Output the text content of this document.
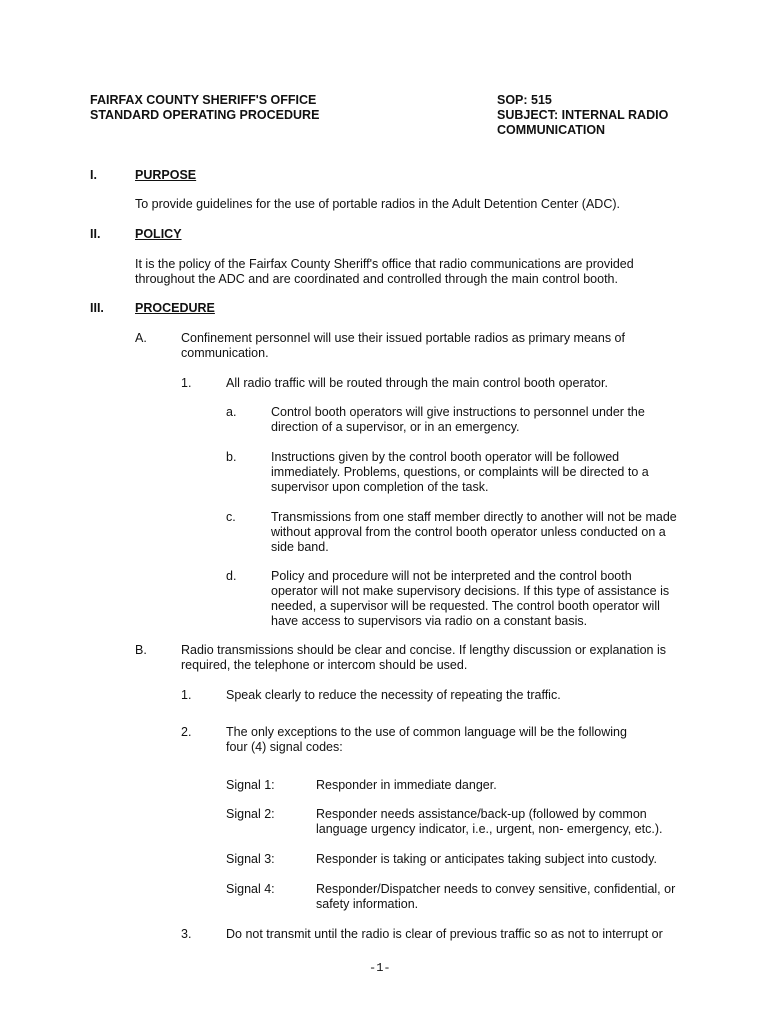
FAIRFAX COUNTY SHERIFF'S OFFICE
STANDARD OPERATING PROCEDURE
SOP: 515
SUBJECT: INTERNAL RADIO
COMMUNICATION
I.	PURPOSE
To provide guidelines for the use of portable radios in the Adult Detention Center (ADC).
II.	POLICY
It is the policy of the Fairfax County Sheriff's office that radio communications are provided throughout the ADC and are coordinated and controlled through the main control booth.
III. PROCEDURE
A.	Confinement personnel will use their issued portable radios as primary means of communication.
1.	All radio traffic will be routed through the main control booth operator.
a.	Control booth operators will give instructions to personnel under the direction of a supervisor, or in an emergency.
b.	Instructions given by the control booth operator will be followed immediately. Problems, questions, or complaints will be directed to a supervisor upon completion of the task.
c.	Transmissions from one staff member directly to another will not be made without approval from the control booth operator unless conducted on a side band.
d.	Policy and procedure will not be interpreted and the control booth operator will not make supervisory decisions. If this type of assistance is needed, a supervisor will be requested. The control booth operator will have access to supervisors via radio on a constant basis.
B.	Radio transmissions should be clear and concise. If lengthy discussion or explanation is required, the telephone or intercom should be used.
1.	Speak clearly to reduce the necessity of repeating the traffic.
2.	The only exceptions to the use of common language will be the following
four (4) signal codes:
Signal 1:	Responder in immediate danger.
Signal 2:	Responder needs assistance/back-up (followed by common language urgency indicator, i.e., urgent, non- emergency, etc.).
Signal 3:	Responder is taking or anticipates taking subject into custody.
Signal 4:	Responder/Dispatcher needs to convey sensitive, confidential, or safety information.
3.	Do not transmit until the radio is clear of previous traffic so as not to interrupt or
-1-
